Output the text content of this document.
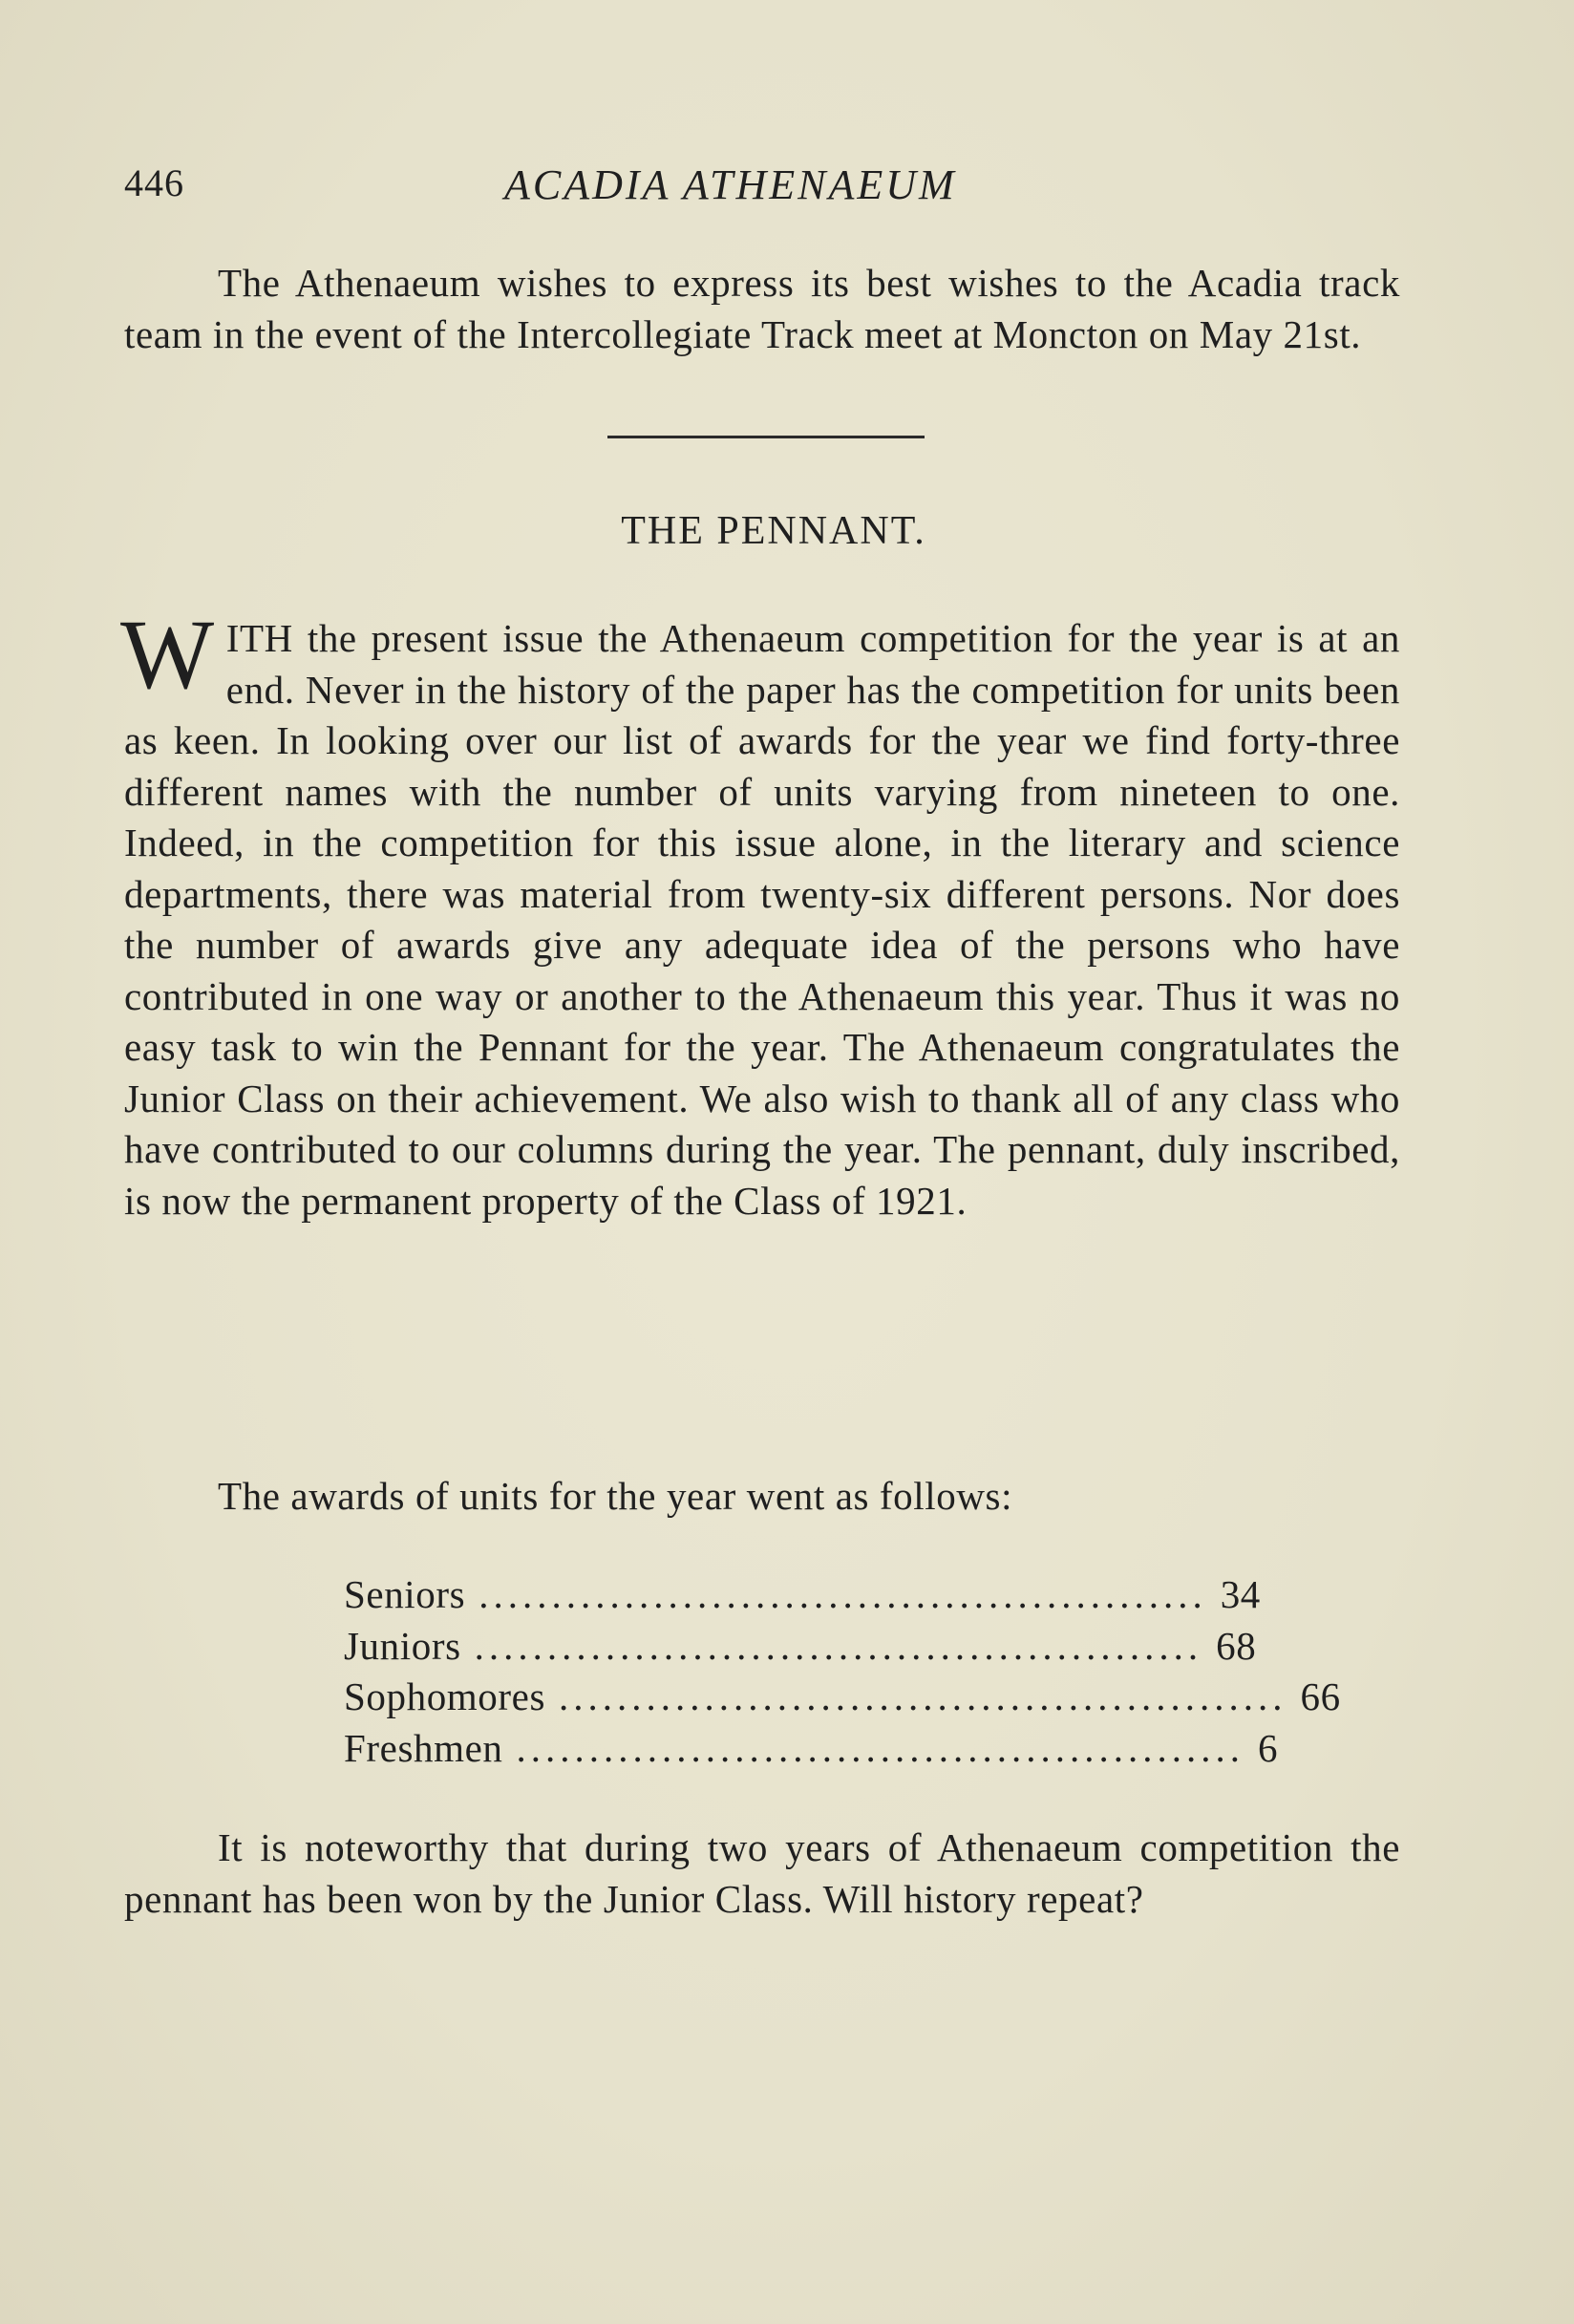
446	ACADIA ATHENAEUM

The Athenaeum wishes to express its best wishes to the Acadia track team in the event of the Intercollegiate Track meet at Moncton on May 21st.

THE PENNANT.

WITH the present issue the Athenaeum competition for the year is at an end. Never in the history of the paper has the competition for units been as keen. In looking over our list of awards for the year we find forty-three different names with the number of units varying from nineteen to one. Indeed, in the competition for this issue alone, in the literary and science departments, there was material from twenty-six different persons. Nor does the number of awards give any adequate idea of the persons who have contributed in one way or another to the Athenaeum this year. Thus it was no easy task to win the Pennant for the year. The Athenaeum congratulates the Junior Class on their achievement. We also wish to thank all of any class who have contributed to our columns during the year. The pennant, duly inscribed, is now the permanent property of the Class of 1921.

The awards of units for the year went as follows:

Seniors .................................................. 34
Juniors .................................................. 68
Sophomores .................................................. 66
Freshmen .................................................. 6

It is noteworthy that during two years of Athenaeum competition the pennant has been won by the Junior Class. Will history repeat?
